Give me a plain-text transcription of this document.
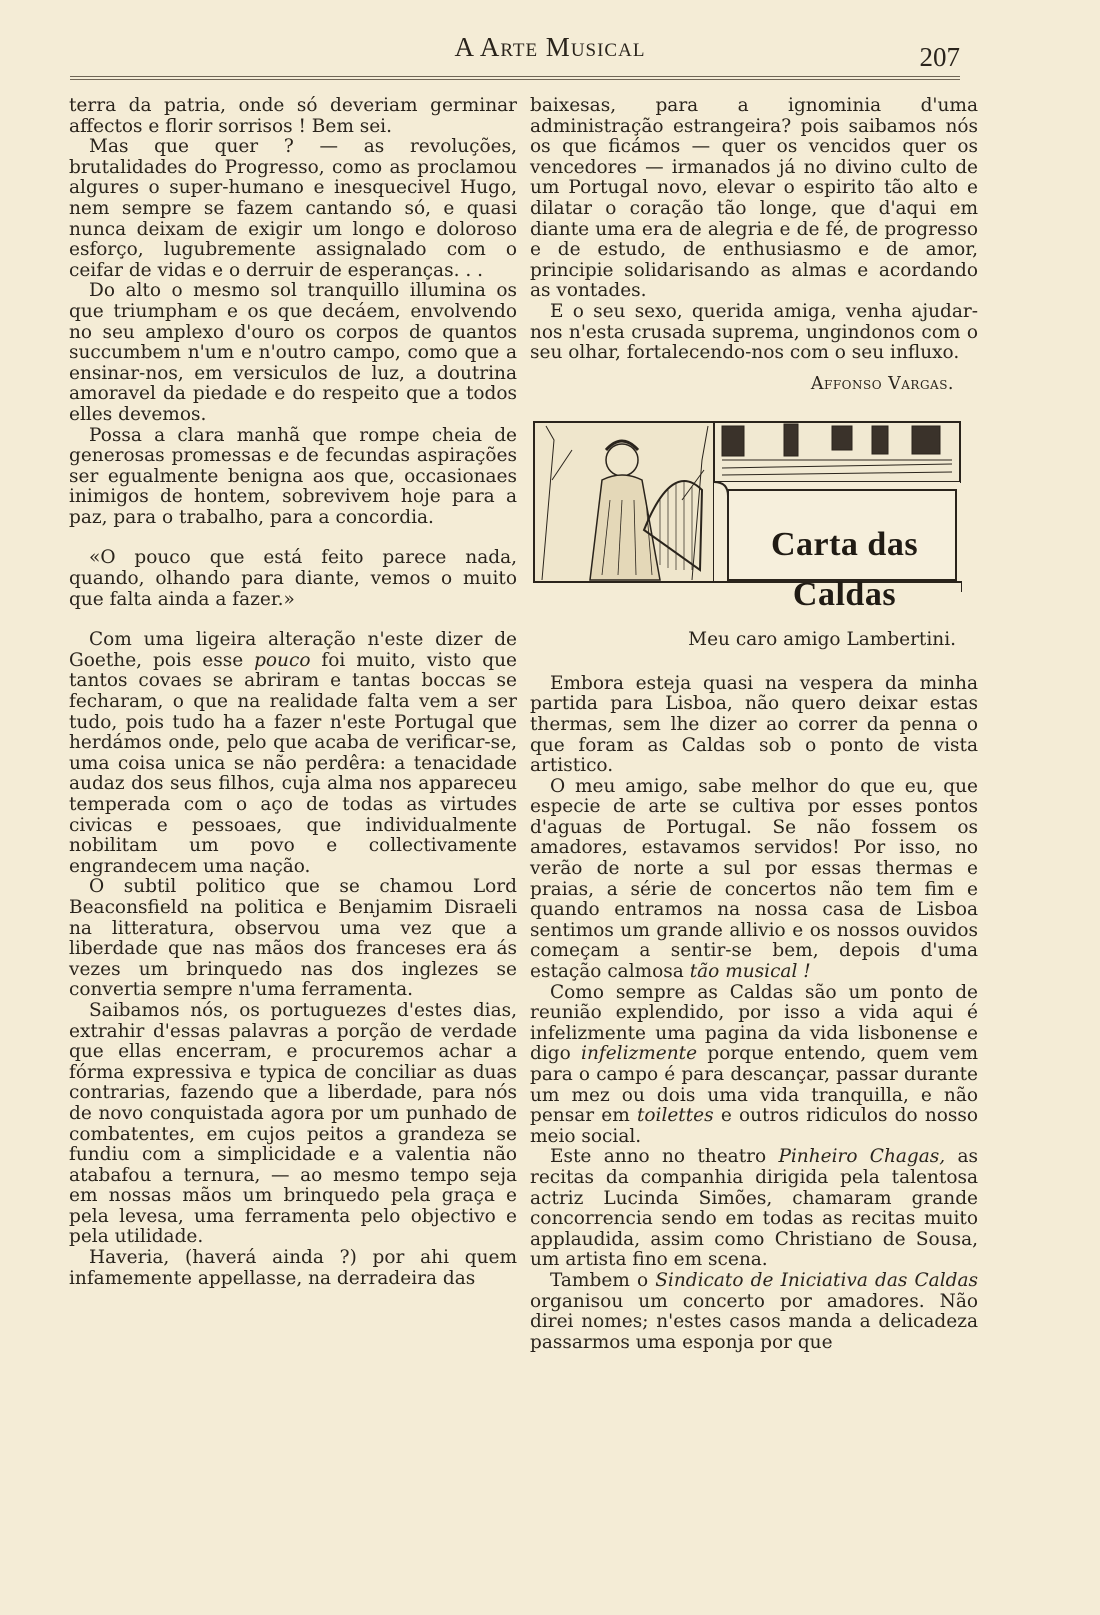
A Arte Musical	207

terra da patria, onde só deveriam germinar affectos e florir sorrisos ! Bem sei.

Mas que quer ? — as revoluções, brutalidades do Progresso, como as proclamou algures o super-humano e inesquecivel Hugo, nem sempre se fazem cantando só, e quasi nunca deixam de exigir um longo e doloroso esforço, lugubremente assignalado com o ceifar de vidas e o derruir de esperanças. . .

Do alto o mesmo sol tranquillo illumina os que triumpham e os que decáem, envolvendo no seu amplexo d'ouro os corpos de quantos succumbem n'um e n'outro campo, como que a ensinar-nos, em versiculos de luz, a doutrina amoravel da piedade e do respeito que a todos elles devemos.

Possa a clara manhã que rompe cheia de generosas promessas e de fecundas aspirações ser egualmente benigna aos que, occasionaes inimigos de hontem, sobrevivem hoje para a paz, para o trabalho, para a concordia.

«O pouco que está feito parece nada, quando, olhando para diante, vemos o muito que falta ainda a fazer.»

Com uma ligeira alteração n'este dizer de Goethe, pois esse pouco foi muito, visto que tantos covaes se abriram e tantas boccas se fecharam, o que na realidade falta vem a ser tudo, pois tudo ha a fazer n'este Portugal que herdámos onde, pelo que acaba de verificar-se, uma coisa unica se não perdêra: a tenacidade audaz dos seus filhos, cuja alma nos appareceu temperada com o aço de todas as virtudes civicas e pessoaes, que individualmente nobilitam um povo e collectivamente engrandecem uma nação.

O subtil politico que se chamou Lord Beaconsfield na politica e Benjamim Disraeli na litteratura, observou uma vez que a liberdade que nas mãos dos franceses era ás vezes um brinquedo nas dos inglezes se convertia sempre n'uma ferramenta.

Saibamos nós, os portuguezes d'estes dias, extrahir d'essas palavras a porção de verdade que ellas encerram, e procuremos achar a fórma expressiva e typica de conciliar as duas contrarias, fazendo que a liberdade, para nós de novo conquistada agora por um punhado de combatentes, em cujos peitos a grandeza se fundiu com a simplicidade e a valentia não atabafou a ternura, — ao mesmo tempo seja em nossas mãos um brinquedo pela graça e pela levesa, uma ferramenta pelo objectivo e pela utilidade.

Haveria, (haverá ainda ?) por ahi quem infamemente appellasse, na derradeira das

baixesas, para a ignominia d'uma administração estrangeira? pois saibamos nós os que ficámos — quer os vencidos quer os vencedores — irmanados já no divino culto de um Portugal novo, elevar o espirito tão alto e dilatar o coração tão longe, que d'aqui em diante uma era de alegria e de fé, de progresso e de estudo, de enthusiasmo e de amor, principie solidarisando as almas e acordando as vontades.

E o seu sexo, querida amiga, venha ajudar-nos n'esta crusada suprema, ungindonos com o seu olhar, fortalecendo-nos com o seu influxo.

Affonso Vargas.
Carta das Caldas
Meu caro amigo Lambertini.

Embora esteja quasi na vespera da minha partida para Lisboa, não quero deixar estas thermas, sem lhe dizer ao correr da penna o que foram as Caldas sob o ponto de vista artistico.

O meu amigo, sabe melhor do que eu, que especie de arte se cultiva por esses pontos d'aguas de Portugal. Se não fossem os amadores, estavamos servidos! Por isso, no verão de norte a sul por essas thermas e praias, a série de concertos não tem fim e quando entramos na nossa casa de Lisboa sentimos um grande allivio e os nossos ouvidos começam a sentir-se bem, depois d'uma estação calmosa tão musical !

Como sempre as Caldas são um ponto de reunião explendido, por isso a vida aqui é infelizmente uma pagina da vida lisbonense e digo infelizmente porque entendo, quem vem para o campo é para descançar, passar durante um mez ou dois uma vida tranquilla, e não pensar em toilettes e outros ridiculos do nosso meio social.

Este anno no theatro Pinheiro Chagas, as recitas da companhia dirigida pela talentosa actriz Lucinda Simões, chamaram grande concorrencia sendo em todas as recitas muito applaudida, assim como Christiano de Sousa, um artista fino em scena.

Tambem o Sindicato de Iniciativa das Caldas organisou um concerto por amadores. Não direi nomes; n'estes casos manda a delicadeza passarmos uma esponja por que
